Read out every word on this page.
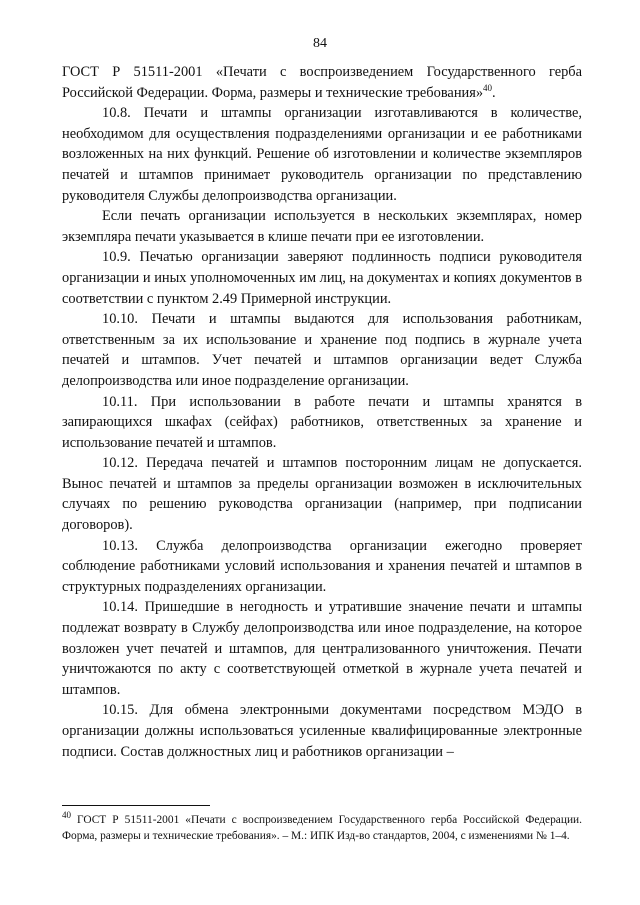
84

ГОСТ Р 51511-2001 «Печати с воспроизведением Государственного герба Российской Федерации. Форма, размеры и технические требования»$^{40}$.

10.8. Печати и штампы организации изготавливаются в количестве, необходимом для осуществления подразделениями организации и ее работниками возложенных на них функций. Решение об изготовлении и количестве экземпляров печатей и штампов принимает руководитель организации по представлению руководителя Службы делопроизводства организации.

Если печать организации используется в нескольких экземплярах, номер экземпляра печати указывается в клише печати при ее изготовлении.

10.9. Печатью организации заверяют подлинность подписи руководителя организации и иных уполномоченных им лиц, на документах и копиях документов в соответствии с пунктом 2.49 Примерной инструкции.

10.10. Печати и штампы выдаются для использования работникам, ответственным за их использование и хранение под подпись в журнале учета печатей и штампов. Учет печатей и штампов организации ведет Служба делопроизводства или иное подразделение организации.

10.11. При использовании в работе печати и штампы хранятся в запирающихся шкафах (сейфах) работников, ответственных за хранение и использование печатей и штампов.

10.12. Передача печатей и штампов посторонним лицам не допускается. Вынос печатей и штампов за пределы организации возможен в исключительных случаях по решению руководства организации (например, при подписании договоров).

10.13. Служба делопроизводства организации ежегодно проверяет соблюдение работниками условий использования и хранения печатей и штампов в структурных подразделениях организации.

10.14. Пришедшие в негодность и утратившие значение печати и штампы подлежат возврату в Службу делопроизводства или иное подразделение, на которое возложен учет печатей и штампов, для централизованного уничтожения. Печати уничтожаются по акту с соответствующей отметкой в журнале учета печатей и штампов.

10.15. Для обмена электронными документами посредством МЭДО в организации должны использоваться усиленные квалифицированные электронные подписи. Состав должностных лиц и работников организации –

$^{40}$ ГОСТ Р 51511-2001 «Печати с воспроизведением Государственного герба Российской Федерации. Форма, размеры и технические требования». – М.: ИПК Изд-во стандартов, 2004, с изменениями № 1–4.
